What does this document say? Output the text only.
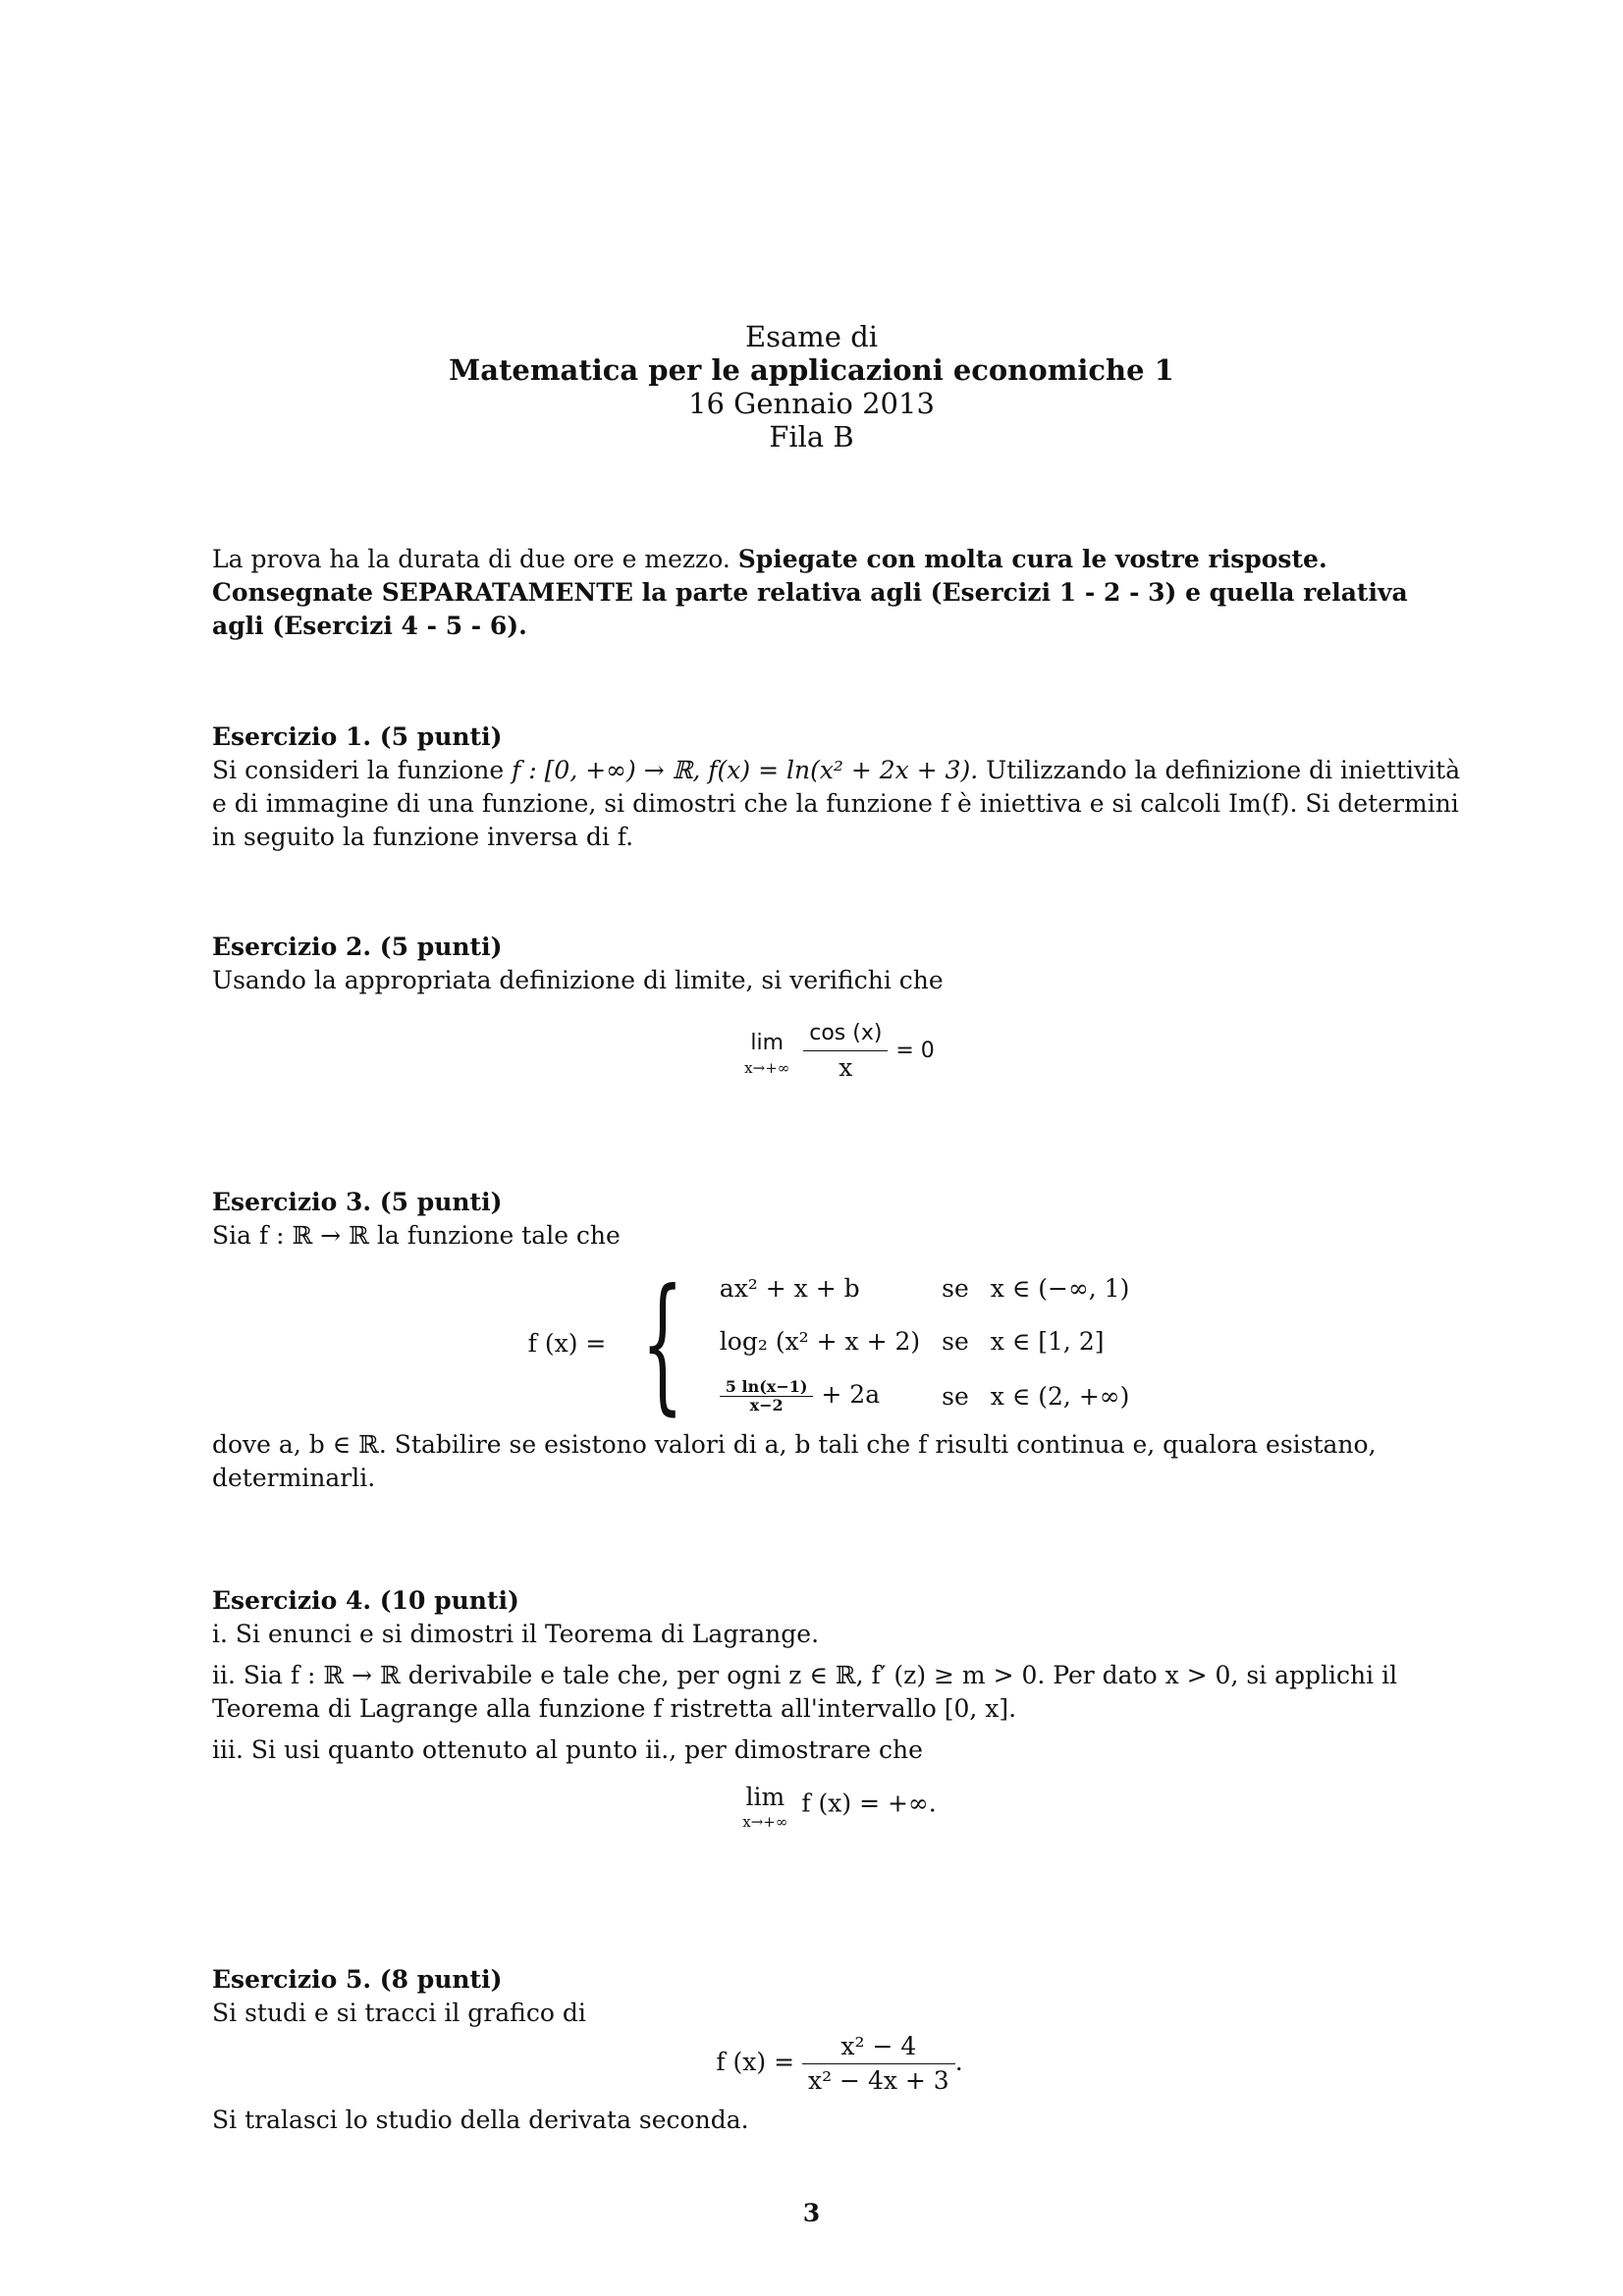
Esame di
Matematica per le applicazioni economiche 1
16 Gennaio 2013
Fila B
La prova ha la durata di due ore e mezzo. Spiegate con molta cura le vostre risposte.
Consegnate SEPARATAMENTE la parte relativa agli (Esercizi 1 - 2 - 3) e quella relativa agli (Esercizi 4 - 5 - 6).
Esercizio 1. (5 punti)
Si consideri la funzione f : [0, +∞) → ℝ, f(x) = ln(x² + 2x + 3). Utilizzando la definizione di iniettività e di immagine di una funzione, si dimostri che la funzione f è iniettiva e si calcoli Im(f). Si determini in seguito la funzione inversa di f.
Esercizio 2. (5 punti)
Usando la appropriata definizione di limite, si verifichi che
lim
x→+∞
$\frac{\cos (x)}{x} = 0$
Esercizio 3. (5 punti)
Sia f : ℝ → ℝ la funzione tale che
f (x) = { ax² + x + b	se	x ∈ (−∞, 1)
log₂ (x² + x + 2)	se	x ∈ [1, 2]

$\frac{5 \ln(x-1)}{x-2} + 2a$	se	x ∈ (2, +∞)
dove a, b ∈ ℝ. Stabilire se esistono valori di a, b tali che f risulti continua e, qualora esistano, determinarli.
Esercizio 4. (10 punti)
i. Si enunci e si dimostri il Teorema di Lagrange.
ii. Sia f : ℝ → ℝ derivabile e tale che, per ogni z ∈ ℝ, f′ (z) ≥ m > 0. Per dato x > 0, si applichi il Teorema di Lagrange alla funzione f ristretta all'intervallo [0, x].
iii. Si usi quanto ottenuto al punto ii., per dimostrare che
lim
x→+∞
f (x) = +∞.
Esercizio 5. (8 punti)
Si studi e si tracci il grafico di
f $(x) = \frac{\text{x² − 4}}{\text{x² − 4x + 3}}$ .
Si tralasci lo studio della derivata seconda.
3
